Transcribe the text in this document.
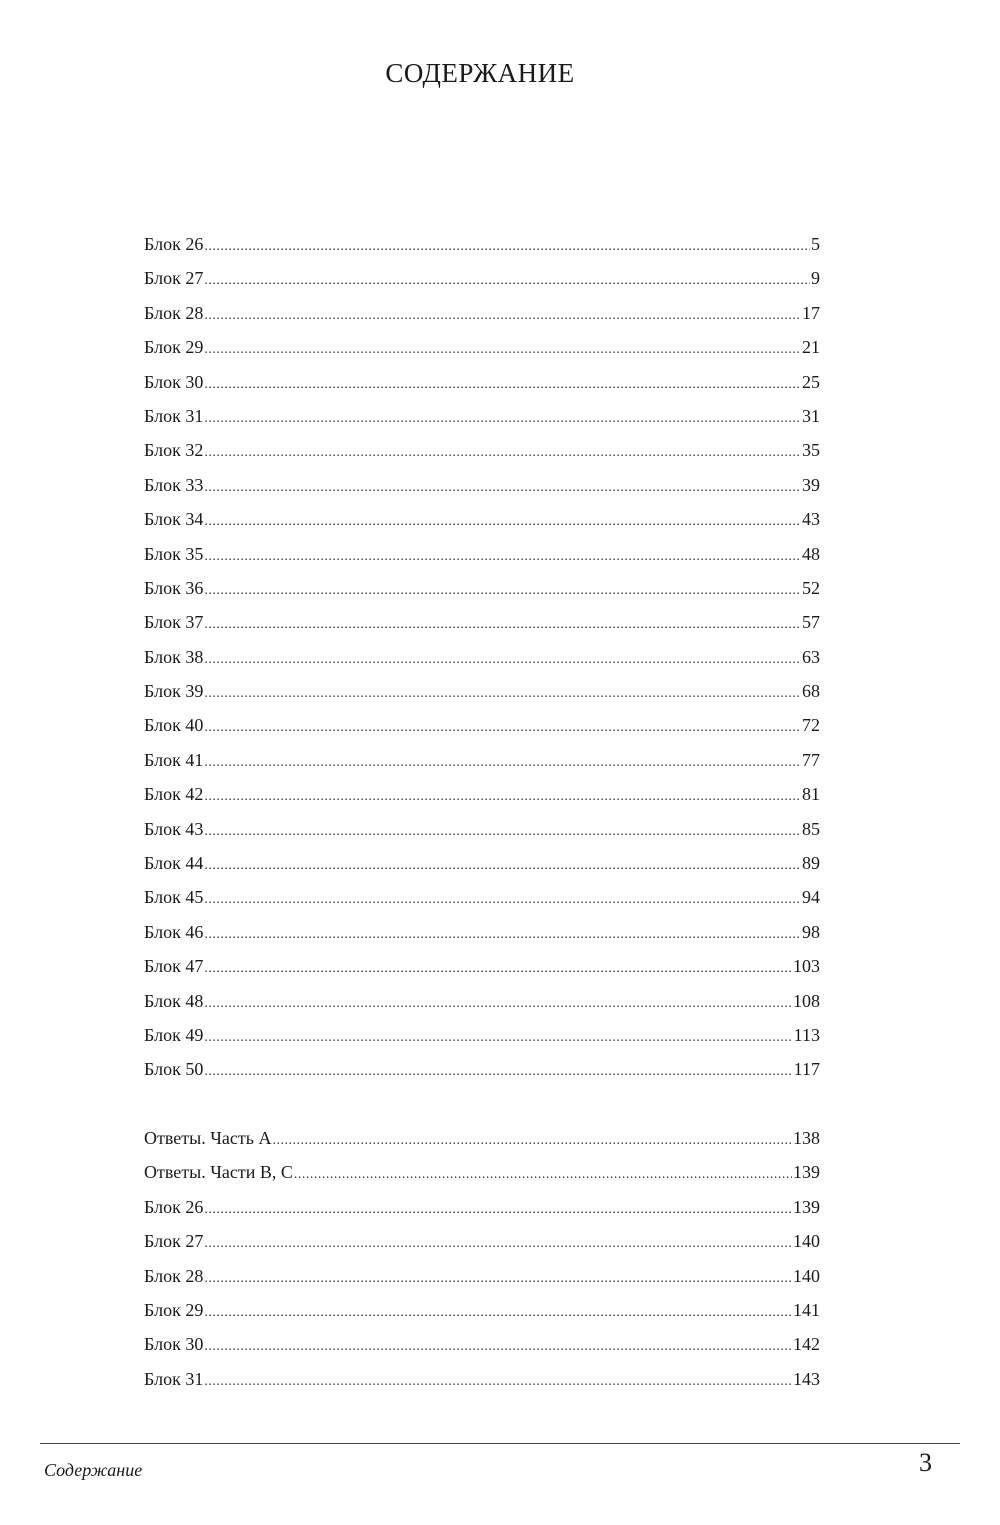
СОДЕРЖАНИЕ
Блок 26 .....	5
Блок 27 .....	9
Блок 28 .....	17
Блок 29 .....	21
Блок 30 .....	25
Блок 31 .....	31
Блок 32 .....	35
Блок 33 .....	39
Блок 34 .....	43
Блок 35 .....	48
Блок 36 .....	52
Блок 37 .....	57
Блок 38 .....	63
Блок 39 .....	68
Блок 40 .....	72
Блок 41 .....	77
Блок 42 .....	81
Блок 43 .....	85
Блок 44 .....	89
Блок 45 .....	94
Блок 46 .....	98
Блок 47 .....	103
Блок 48 .....	108
Блок 49 .....	113
Блок 50 .....	117
Ответы. Часть А .....	138
Ответы. Части В, С .....	139
Блок 26 .....	139
Блок 27 .....	140
Блок 28 .....	140
Блок 29 .....	141
Блок 30 .....	142
Блок 31 .....	143
Содержание	3
